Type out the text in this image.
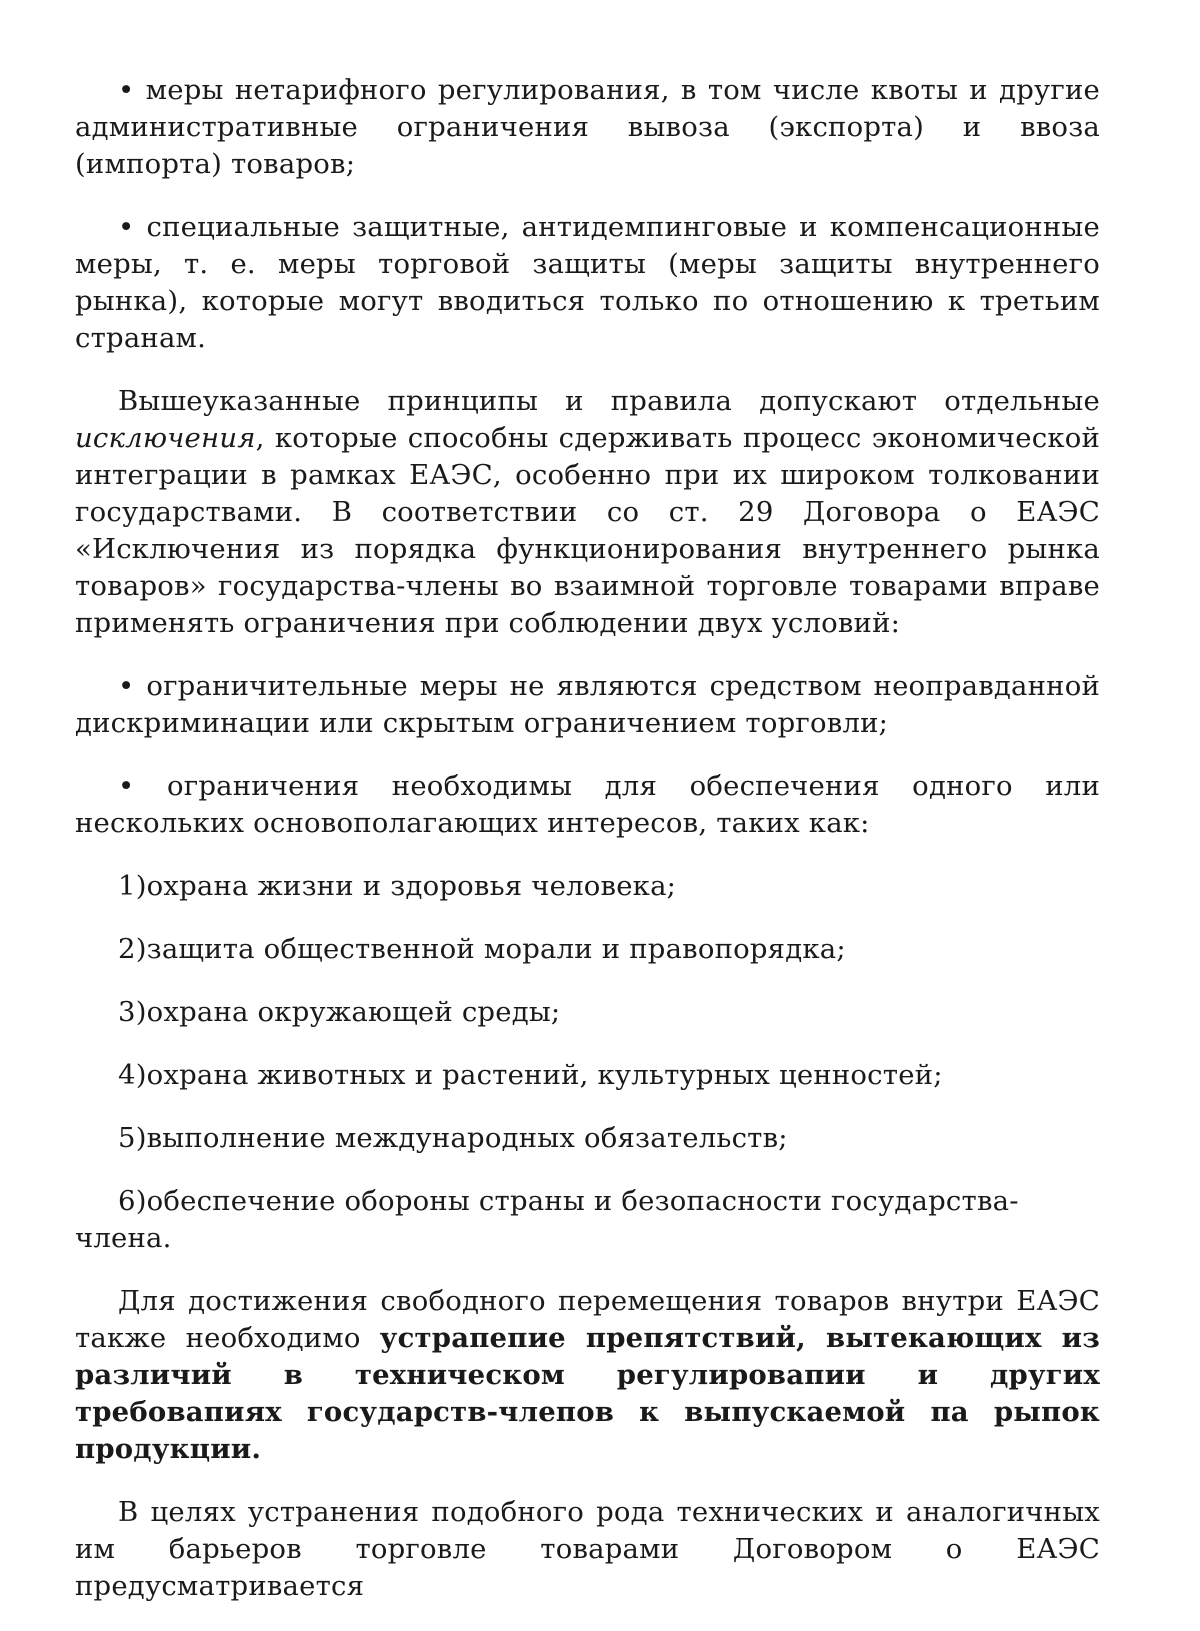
• меры нетарифного регулирования, в том числе квоты и другие административные ограничения вывоза (экспорта) и ввоза (импорта) товаров;

• специальные защитные, антидемпинговые и компенсационные меры, т. е. меры торговой защиты (меры защиты внутреннего рынка), которые могут вводиться только по отношению к третьим странам.

Вышеуказанные принципы и правила допускают отдельные исключения, которые способны сдерживать процесс экономической интеграции в рамках ЕАЭС, особенно при их широком толковании государствами. В соответствии со ст. 29 Договора о ЕАЭС «Исключения из порядка функционирования внутреннего рынка товаров» государства-члены во взаимной торговле товарами вправе применять ограничения при соблюдении двух условий:

• ограничительные меры не являются средством неоправданной дискриминации или скрытым ограничением торговли;

• ограничения необходимы для обеспечения одного или нескольких основополагающих интересов, таких как:

1)охрана жизни и здоровья человека;

2)защита общественной морали и правопорядка;

3)охрана окружающей среды;

4)охрана животных и растений, культурных ценностей;

5)выполнение международных обязательств;

6)обеспечение обороны страны и безопасности государства-члена.

Для достижения свободного перемещения товаров внутри ЕАЭС также необходимо устрапепие препятствий, вытекающих из различий в техническом регулировапии и других требовапиях государств-члепов к выпускаемой па рыпок продукции.

В целях устранения подобного рода технических и аналогичных им барьеров торговле товарами Договором о ЕАЭС предусматривается
